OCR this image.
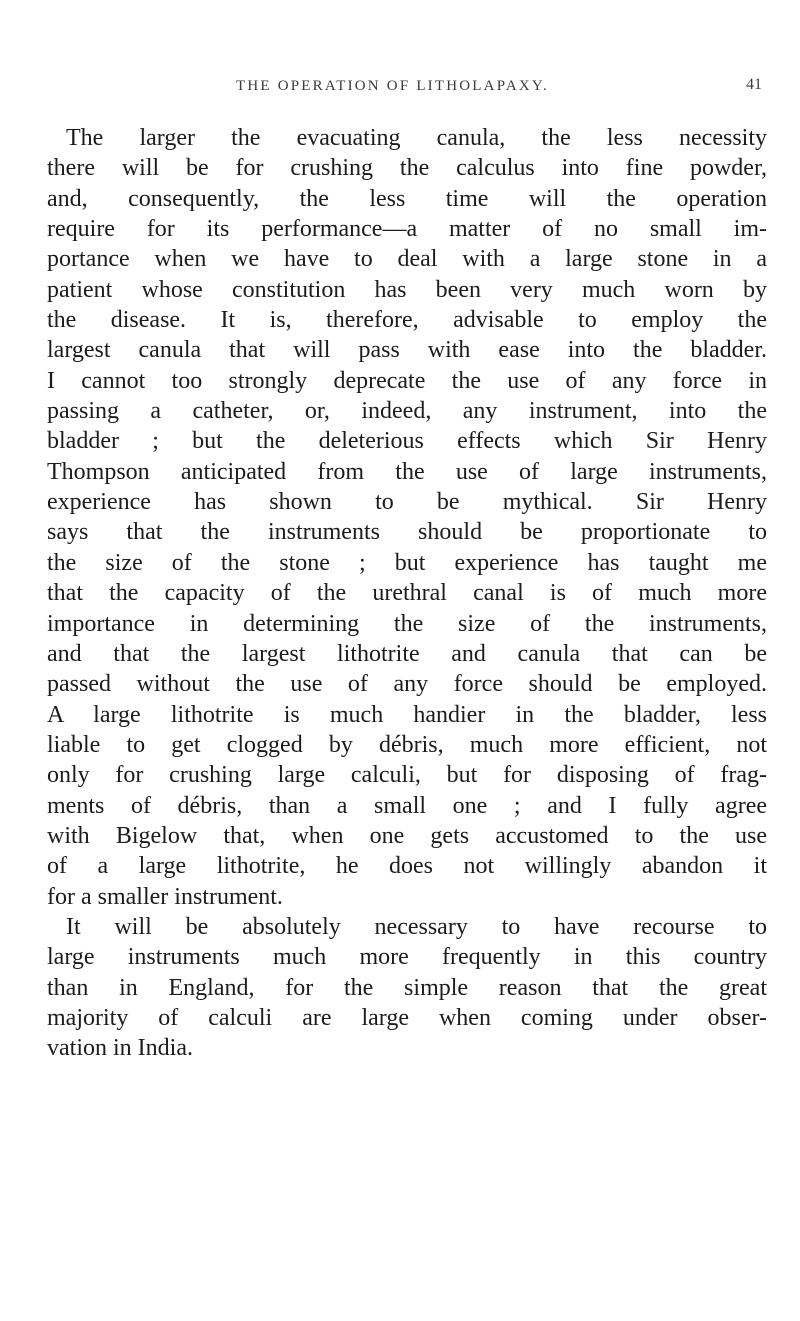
THE OPERATION OF LITHOLAPAXY.	41
The larger the evacuating canula, the less necessity
there will be for crushing the calculus into fine powder,
and, consequently, the less time will the operation
require for its performance—a matter of no small im-
portance when we have to deal with a large stone in a
patient whose constitution has been very much worn by
the disease. It is, therefore, advisable to employ the
largest canula that will pass with ease into the bladder.
I cannot too strongly deprecate the use of any force in
passing a catheter, or, indeed, any instrument, into the
bladder ; but the deleterious effects which Sir Henry
Thompson anticipated from the use of large instruments,
experience has shown to be mythical. Sir Henry
says that the instruments should be proportionate to
the size of the stone ; but experience has taught me
that the capacity of the urethral canal is of much more
importance in determining the size of the instruments,
and that the largest lithotrite and canula that can be
passed without the use of any force should be employed.
A large lithotrite is much handier in the bladder, less
liable to get clogged by débris, much more efficient, not
only for crushing large calculi, but for disposing of frag-
ments of débris, than a small one ; and I fully agree
with Bigelow that, when one gets accustomed to the use
of a large lithotrite, he does not willingly abandon it
for a smaller instrument.
It will be absolutely necessary to have recourse to
large instruments much more frequently in this country
than in England, for the simple reason that the great
majority of calculi are large when coming under obser-
vation in India.
